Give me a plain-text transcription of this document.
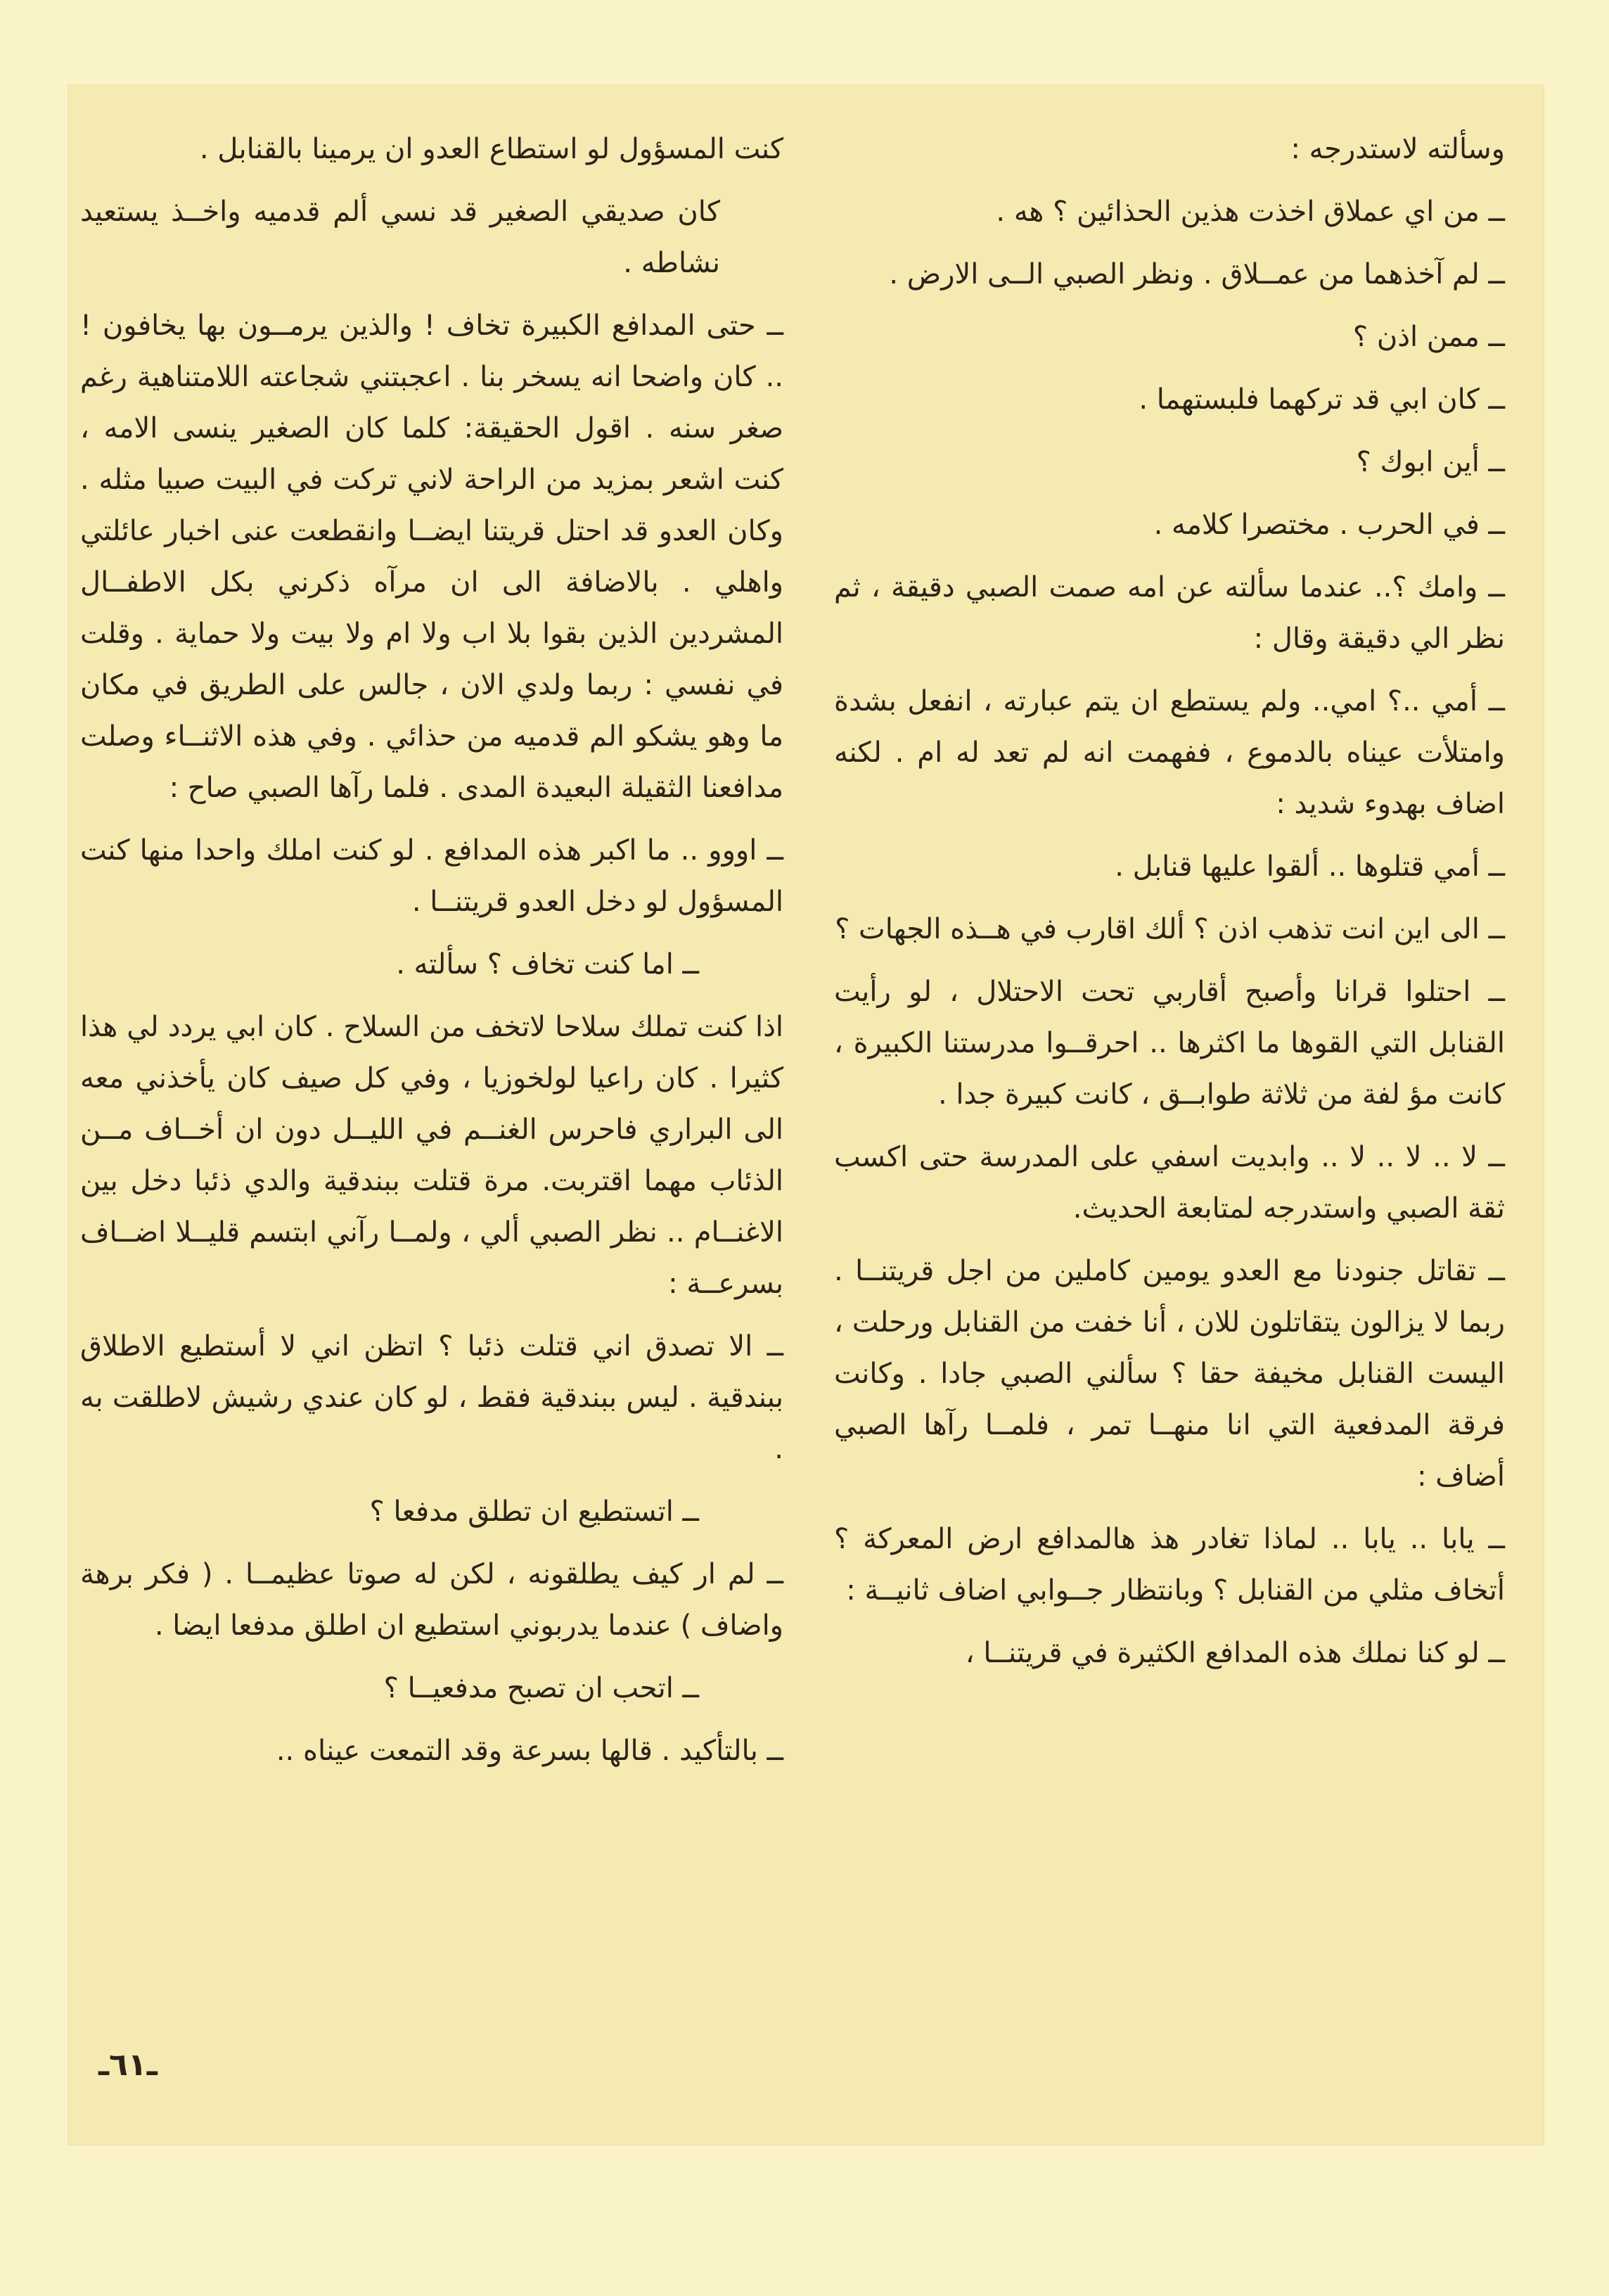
وسألته لاستدرجه :

ــ من اي عملاق اخذت هذين الحذائين ؟ هه .

ــ لم آخذهما من عمــلاق . ونظر الصبي الــى الارض .

ــ ممن اذن ؟

ــ كان ابي قد تركهما فلبستهما .

ــ أين ابوك ؟

ــ في الحرب . مختصرا كلامه .

ــ وامك ؟.. عندما سألته عن امه صمت الصبي دقيقة ، ثم نظر الي دقيقة وقال :

ــ أمي ..؟ امي.. ولم يستطع ان يتم عبارته ، انفعل بشدة وامتلأت عيناه بالدموع ، ففهمت انه لم تعد له ام . لكنه اضاف بهدوء شديد :

ــ أمي قتلوها .. ألقوا عليها قنابل .

ــ الى اين انت تذهب اذن ؟ ألك اقارب في هــذه الجهات ؟

ــ احتلوا قرانا وأصبح أقاربي تحت الاحتلال ، لو رأيت القنابل التي القوها ما اكثرها .. احرقــوا مدرستنا الكبيرة ، كانت مؤ لفة من ثلاثة طوابــق ، كانت كبيرة جدا .

ــ لا .. لا .. لا .. وابديت اسفي على المدرسة حتى اكسب ثقة الصبي واستدرجه لمتابعة الحديث.

ــ تقاتل جنودنا مع العدو يومين كاملين من اجل قريتنــا . ربما لا يزالون يتقاتلون للان ، أنا خفت من القنابل ورحلت ، اليست القنابل مخيفة حقا ؟ سألني الصبي جادا . وكانت فرقة المدفعية التي انا منهــا تمر ، فلمــا رآها الصبي أضاف :

ــ يابا .. يابا .. لماذا تغادر هذ هالمدافع ارض المعركة ؟ أتخاف مثلي من القنابل ؟ وبانتظار جــوابي اضاف ثانيــة :

ــ لو كنا نملك هذه المدافع الكثيرة في قريتنــا ،

كنت المسؤول لو استطاع العدو ان يرمينا بالقنابل .

كان صديقي الصغير قد نسي ألم قدميه واخــذ يستعيد نشاطه .

ــ حتى المدافع الكبيرة تخاف ! والذين يرمــون بها يخافون ! .. كان واضحا انه يسخر بنا . اعجبتني شجاعته اللامتناهية رغم صغر سنه . اقول الحقيقة: كلما كان الصغير ينسى الامه ، كنت اشعر بمزيد من الراحة لاني تركت في البيت صبيا مثله . وكان العدو قد احتل قريتنا ايضــا وانقطعت عنى اخبار عائلتي واهلي . بالاضافة الى ان مرآه ذكرني بكل الاطفــال المشردين الذين بقوا بلا اب ولا ام ولا بيت ولا حماية . وقلت في نفسي : ربما ولدي الان ، جالس على الطريق في مكان ما وهو يشكو الم قدميه من حذائي . وفي هذه الاثنــاء وصلت مدافعنا الثقيلة البعيدة المدى . فلما رآها الصبي صاح :

ــ اووو .. ما اكبر هذه المدافع . لو كنت املك واحدا منها كنت المسؤول لو دخل العدو قريتنــا .

ــ اما كنت تخاف ؟ سألته .

اذا كنت تملك سلاحا لاتخف من السلاح . كان ابي يردد لي هذا كثيرا . كان راعيا لولخوزيا ، وفي كل صيف كان يأخذني معه الى البراري فاحرس الغنــم في الليــل دون ان أخــاف مــن الذئاب مهما اقتربت. مرة قتلت ببندقية والدي ذئبا دخل بين الاغنــام .. نظر الصبي ألي ، ولمــا رآني ابتسم قليــلا اضــاف بسرعــة :

ــ الا تصدق اني قتلت ذئبا ؟ اتظن اني لا أستطيع الاطلاق ببندقية . ليس ببندقية فقط ، لو كان عندي رشيش لاطلقت به .

ــ اتستطيع ان تطلق مدفعا ؟

ــ لم ار كيف يطلقونه ، لكن له صوتا عظيمــا . ( فكر برهة واضاف ) عندما يدربوني استطيع ان اطلق مدفعا ايضا .

ــ اتحب ان تصبح مدفعيــا ؟

ــ بالتأكيد . قالها بسرعة وقد التمعت عيناه ..

ـ٦١ـ
